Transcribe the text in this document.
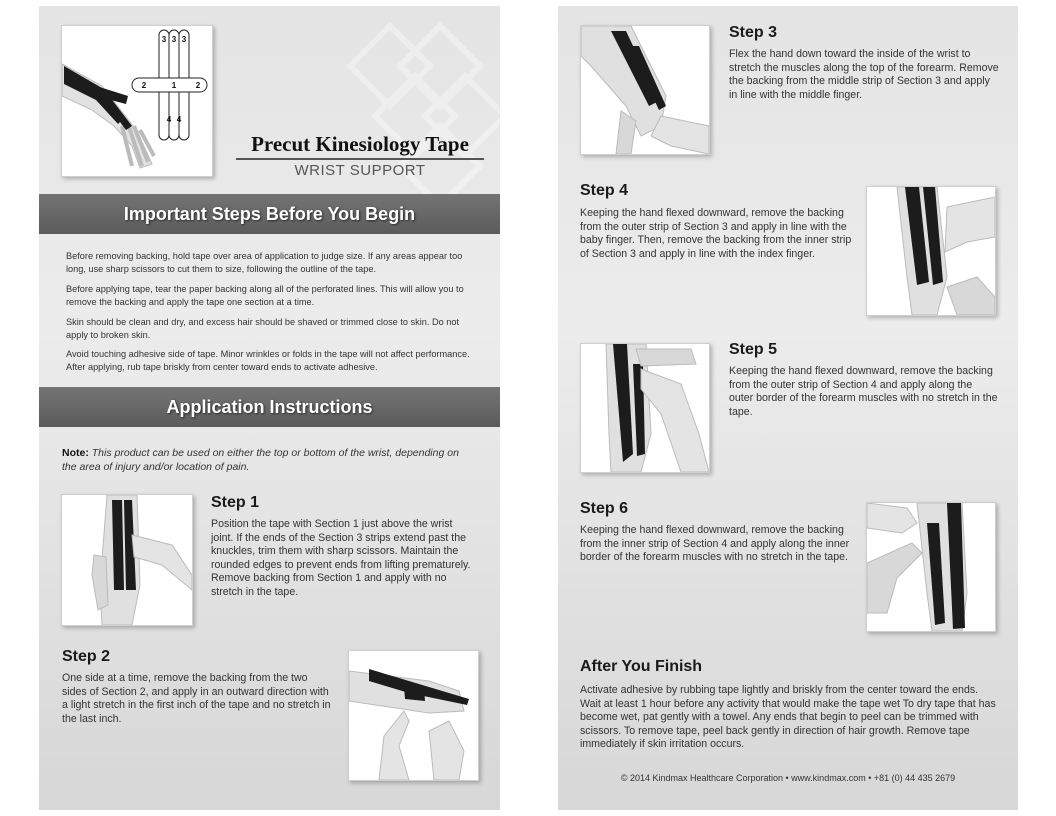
3 3 3
2	1 2
4 4
Precut Kinesiology Tape
WRIST SUPPORT
Important Steps Before You Begin
Before removing backing, hold tape over area of application to judge size. If any areas appear too long, use sharp scissors to cut them to size, following the outline of the tape.
Before applying tape, tear the paper backing along all of the perforated lines. This will allow you to remove the backing and apply the tape one section at a time.
Skin should be clean and dry, and excess hair should be shaved or trimmed close to skin. Do not apply to broken skin.
Avoid touching adhesive side of tape. Minor wrinkles or folds in the tape will not affect performance. After applying, rub tape briskly from center toward ends to activate adhesive.
Application Instructions
Note: This product can be used on either the top or bottom of the wrist, depending on the area of injury and/or location of pain.
Step 1
Position the tape with Section 1 just above the wrist joint. If the ends of the Section 3 strips extend past the knuckles, trim them with sharp scissors. Maintain the rounded edges to prevent ends from lifting prematurely. Remove backing from Section 1 and apply with no stretch in the tape.
Step 2
One side at a time, remove the backing from the two sides of Section 2, and apply in an outward direction with a light stretch in the first inch of the tape and no stretch in the last inch.
Step 3
Flex the hand down toward the inside of the wrist to stretch the muscles along the top of the forearm. Remove the backing from the middle strip of Section 3 and apply in line with the middle finger.
Step 4
Keeping the hand flexed downward, remove the backing from the outer strip of Section 3 and apply in line with the baby finger. Then, remove the backing from the inner strip of Section 3 and apply in line with the index finger.
Step 5
Keeping the hand flexed downward, remove the backing from the outer strip of Section 4 and apply along the outer border of the forearm muscles with no stretch in the tape.
Step 6
Keeping the hand flexed downward, remove the backing from the inner strip of Section 4 and apply along the inner border of the forearm muscles with no stretch in the tape.
After You Finish
Activate adhesive by rubbing tape lightly and briskly from the center toward the ends. Wait at least 1 hour before any activity that would make the tape wet To dry tape that has become wet, pat gently with a towel. Any ends that begin to peel can be trimmed with scissors. To remove tape, peel back gently in direction of hair growth. Remove tape immediately if skin irritation occurs.
© 2014 Kindmax Healthcare Corporation • www.kindmax.com • +81 (0) 44 435 2679
